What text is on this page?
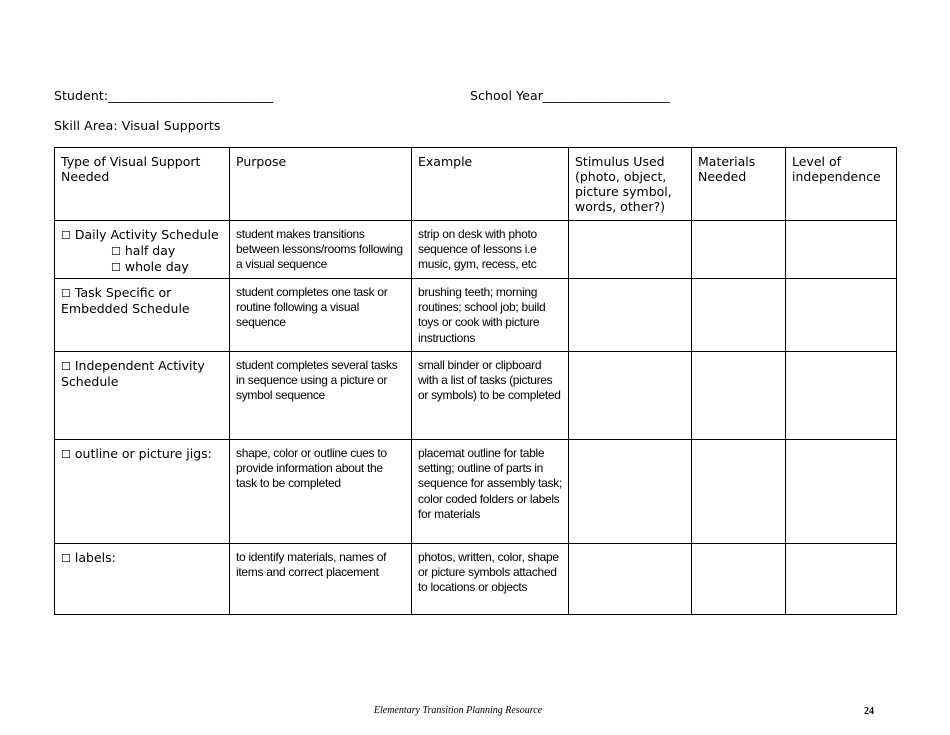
Student:__________________________	School Year____________________
Skill Area: Visual Supports
Type of Visual Support Needed	Purpose	Example	Stimulus Used (photo, object, picture symbol, words, other?)	Materials Needed	Level of independence

☐ Daily Activity Schedule
☐ half day
☐ whole day	student makes transitions between lessons/rooms following a visual sequence	strip on desk with photo sequence of lessons i.e music, gym, recess, etc			

☐ Task Specific or Embedded Schedule	student completes one task or routine following a visual sequence	brushing teeth; morning routines; school job; build toys or cook with picture instructions			

☐ Independent Activity Schedule	student completes several tasks in sequence using a picture or symbol sequence	small binder or clipboard with a list of tasks (pictures or symbols) to be completed			

☐ outline or picture jigs:	shape, color or outline cues to provide information about the task to be completed	placemat outline for table setting; outline of parts in sequence for assembly task; color coded folders or labels for materials			

☐ labels:	to identify materials, names of items and correct placement	photos, written, color, shape or picture symbols attached to locations or objects			
Elementary Transition Planning Resource	24
